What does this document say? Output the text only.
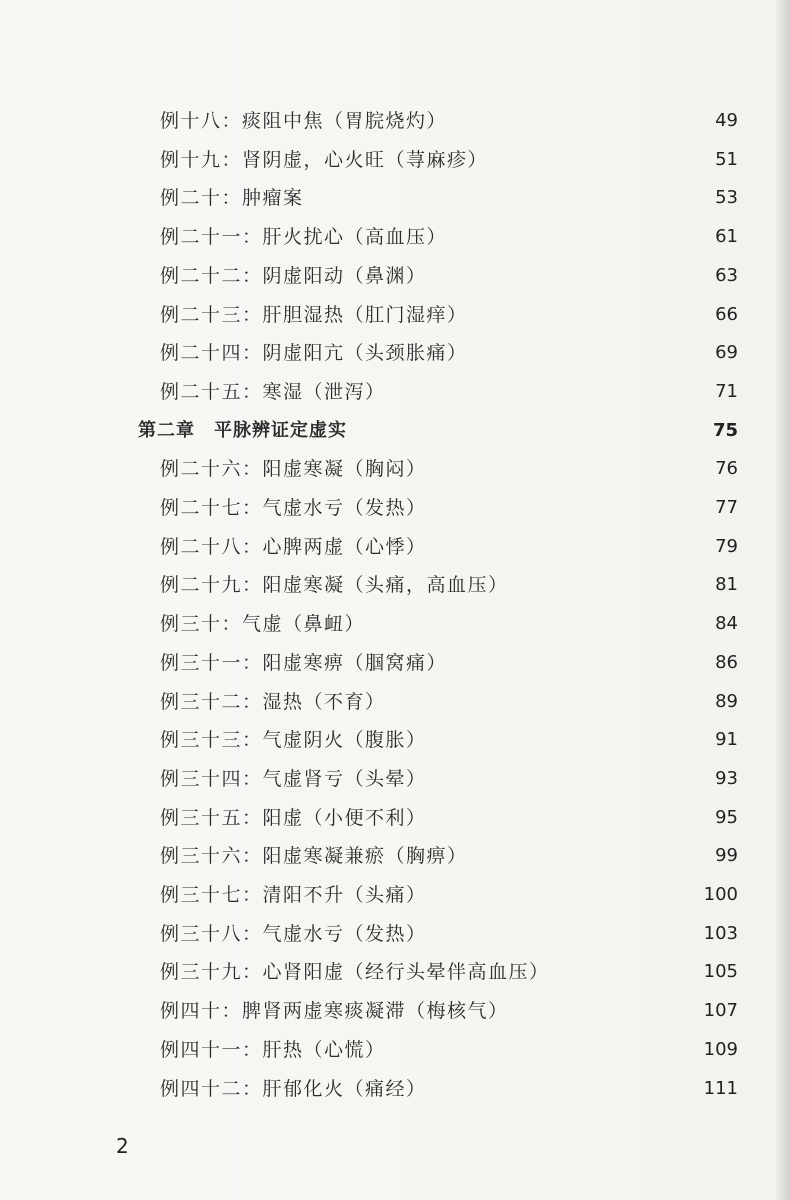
例十八：痰阻中焦（胃脘烧灼）	49
例十九：肾阴虚，心火旺（荨麻疹）	51
例二十：肿瘤案	53
例二十一：肝火扰心（高血压）	61
例二十二：阴虚阳动（鼻渊）	63
例二十三：肝胆湿热（肛门湿痒）	66
例二十四：阴虚阳亢（头颈胀痛）	69
例二十五：寒湿（泄泻）	71
第二章　平脉辨证定虚实	75
例二十六：阳虚寒凝（胸闷）	76
例二十七：气虚水亏（发热）	77
例二十八：心脾两虚（心悸）	79
例二十九：阳虚寒凝（头痛，高血压）	81
例三十：气虚（鼻衄）	84
例三十一：阳虚寒痹（腘窝痛）	86
例三十二：湿热（不育）	89
例三十三：气虚阴火（腹胀）	91
例三十四：气虚肾亏（头晕）	93
例三十五：阳虚（小便不利）	95
例三十六：阳虚寒凝兼瘀（胸痹）	99
例三十七：清阳不升（头痛）	100
例三十八：气虚水亏（发热）	103
例三十九：心肾阳虚（经行头晕伴高血压）	105
例四十：脾肾两虚寒痰凝滞（梅核气）	107
例四十一：肝热（心慌）	109
例四十二：肝郁化火（痛经）	111
2
